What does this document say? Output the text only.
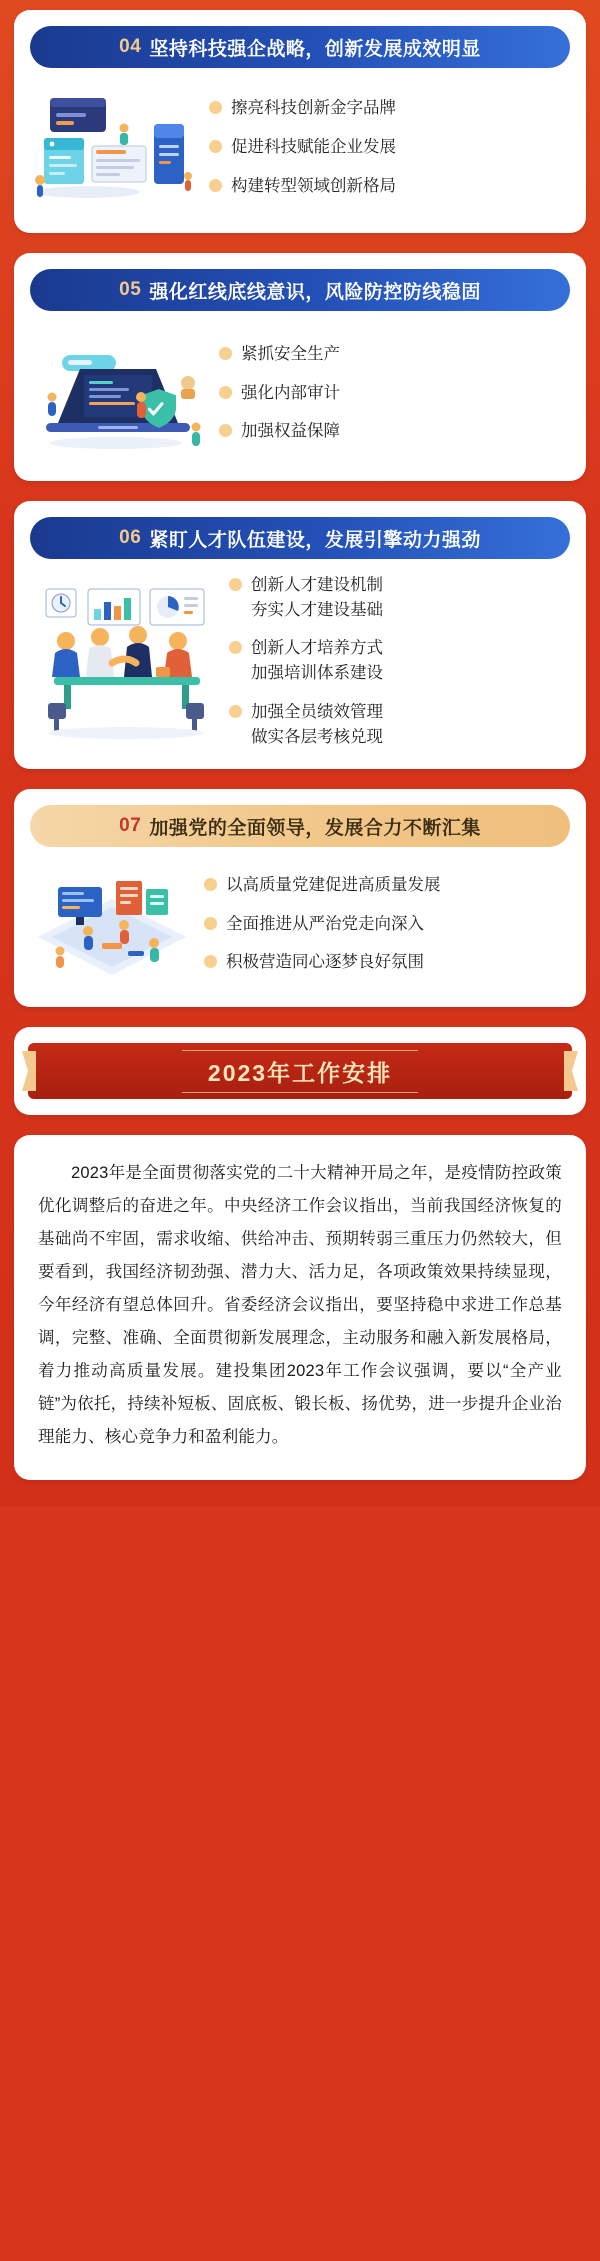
04 坚持科技强企战略，创新发展成效明显
擦亮科技创新金字品牌
促进科技赋能企业发展
构建转型领域创新格局
05 强化红线底线意识，风险防控防线稳固
紧抓安全生产
强化内部审计
加强权益保障
06 紧盯人才队伍建设，发展引擎动力强劲
创新人才建设机制
夯实人才建设基础
创新人才培养方式
加强培训体系建设
加强全员绩效管理
做实各层考核兑现
07 加强党的全面领导，发展合力不断汇集
以高质量党建促进高质量发展
全面推进从严治党走向深入
积极营造同心逐梦良好氛围
2023年工作安排

2023年是全面贯彻落实党的二十大精神开局之年，是疫情防控政策优化调整后的奋进之年。中央经济工作会议指出，当前我国经济恢复的基础尚不牢固，需求收缩、供给冲击、预期转弱三重压力仍然较大，但要看到，我国经济韧劲强、潜力大、活力足，各项政策效果持续显现，今年经济有望总体回升。省委经济会议指出，要坚持稳中求进工作总基调，完整、准确、全面贯彻新发展理念，主动服务和融入新发展格局，着力推动高质量发展。建投集团2023年工作会议强调，要以“全产业链”为依托，持续补短板、固底板、锻长板、扬优势，进一步提升企业治理能力、核心竞争力和盈利能力。
